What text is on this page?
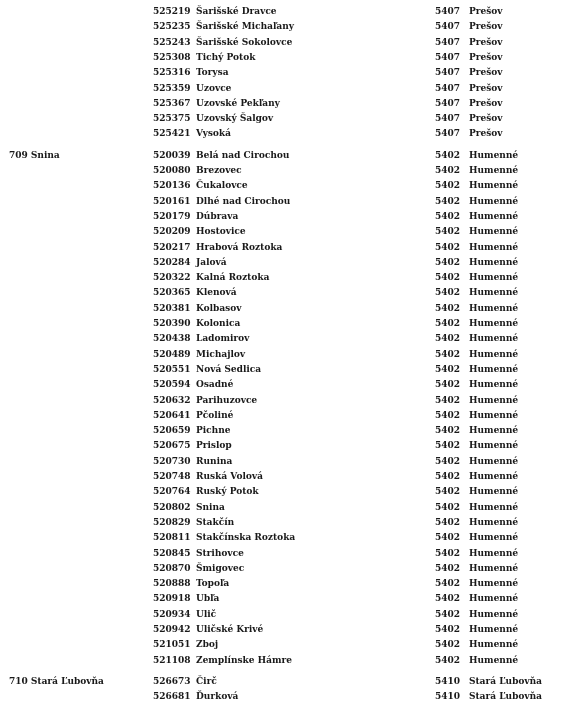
525219 Šarišské Dravce	5407 Prešov
525235 Šarišské Michaľany	5407 Prešov
525243 Šarišské Sokolovce	5407 Prešov
525308 Tichý Potok	5407 Prešov
525316 Torysa	5407 Prešov
525359 Uzovce	5407 Prešov
525367 Uzovské Pekľany	5407 Prešov
525375 Uzovský Šalgov	5407 Prešov
525421 Vysoká	5407 Prešov
709 Snina	520039 Belá nad Cirochou	5402 Humenné
520080 Brezovec	5402 Humenné
520136 Čukalovce	5402 Humenné
520161 Dlhé nad Cirochou	5402 Humenné
520179 Dúbrava	5402 Humenné
520209 Hostovice	5402 Humenné
520217 Hrabová Roztoka	5402 Humenné
520284 Jalová	5402 Humenné
520322 Kalná Roztoka	5402 Humenné
520365 Klenová	5402 Humenné
520381 Kolbasov	5402 Humenné
520390 Kolonica	5402 Humenné
520438 Ladomirov	5402 Humenné
520489 Michajlov	5402 Humenné
520551 Nová Sedlica	5402 Humenné
520594 Osadné	5402 Humenné
520632 Parihuzovce	5402 Humenné
520641 Pčoliné	5402 Humenné
520659 Pichne	5402 Humenné
520675 Prislop	5402 Humenné
520730 Runina	5402 Humenné
520748 Ruská Volová	5402 Humenné
520764 Ruský Potok	5402 Humenné
520802 Snina	5402 Humenné
520829 Stakčín	5402 Humenné
520811 Stakčínska Roztoka	5402 Humenné
520845 Strihovce	5402 Humenné
520870 Šmigovec	5402 Humenné
520888 Topoľa	5402 Humenné
520918 Ubľa	5402 Humenné
520934 Ulič	5402 Humenné
520942 Uličské Krivé	5402 Humenné
521051 Zboj	5402 Humenné
521108 Zemplínske Hámre	5402 Humenné
710 Stará Ľubovňa	526673 Čirč	5410 Stará Ľubovňa
526681 Ďurková	5410 Stará Ľubovňa
